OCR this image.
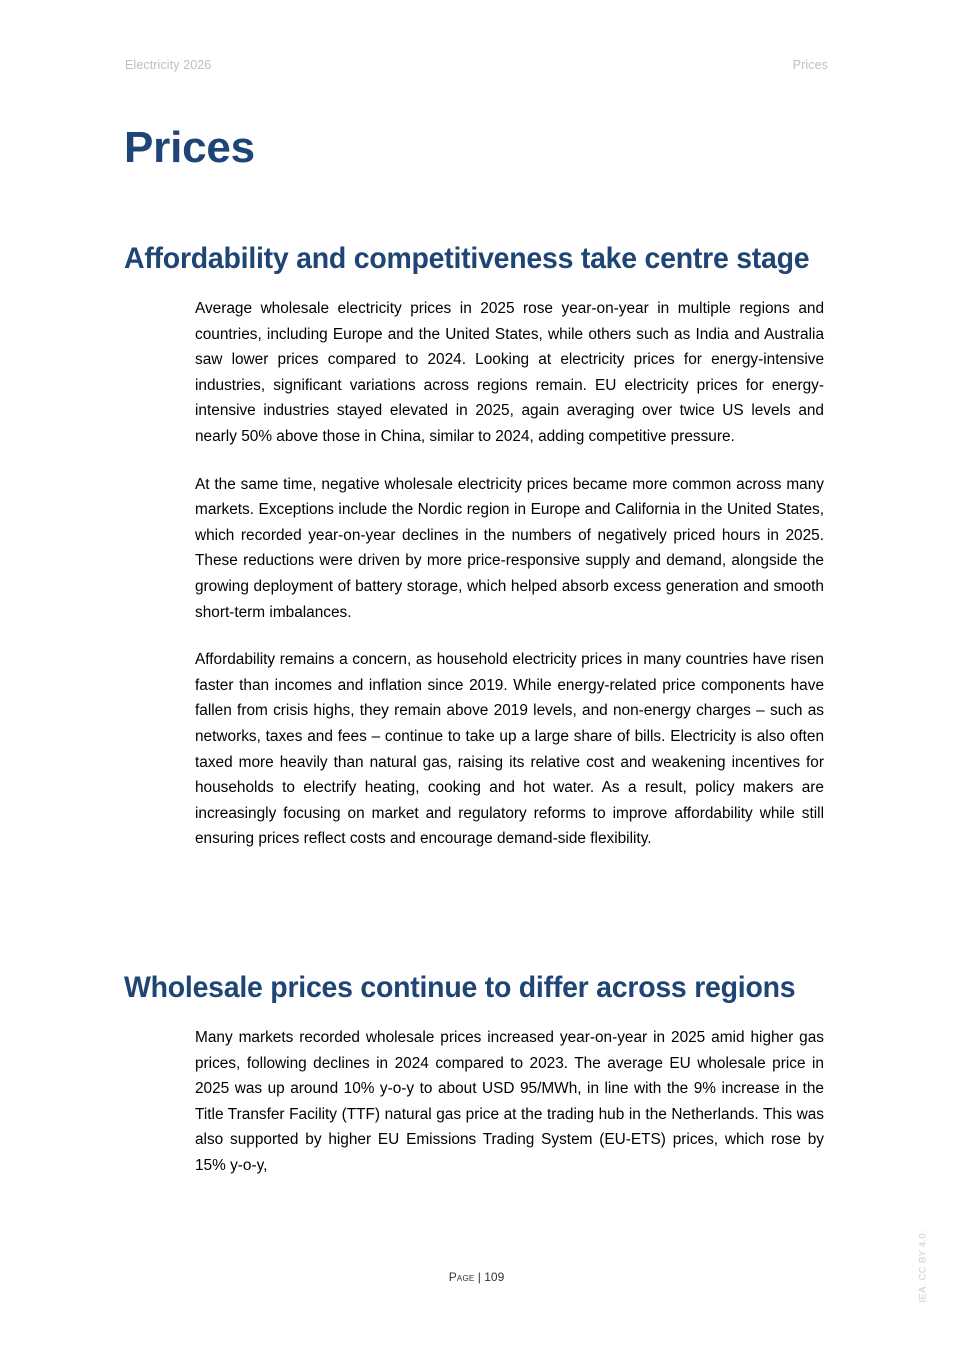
Electricity 2026	Prices
Prices
Affordability and competitiveness take centre stage

Average wholesale electricity prices in 2025 rose year-on-year in multiple regions and countries, including Europe and the United States, while others such as India and Australia saw lower prices compared to 2024. Looking at electricity prices for energy-intensive industries, significant variations across regions remain. EU electricity prices for energy-intensive industries stayed elevated in 2025, again averaging over twice US levels and nearly 50% above those in China, similar to 2024, adding competitive pressure.

At the same time, negative wholesale electricity prices became more common across many markets. Exceptions include the Nordic region in Europe and California in the United States, which recorded year-on-year declines in the numbers of negatively priced hours in 2025. These reductions were driven by more price-responsive supply and demand, alongside the growing deployment of battery storage, which helped absorb excess generation and smooth short-term imbalances.

Affordability remains a concern, as household electricity prices in many countries have risen faster than incomes and inflation since 2019. While energy-related price components have fallen from crisis highs, they remain above 2019 levels, and non-energy charges – such as networks, taxes and fees – continue to take up a large share of bills. Electricity is also often taxed more heavily than natural gas, raising its relative cost and weakening incentives for households to electrify heating, cooking and hot water. As a result, policy makers are increasingly focusing on market and regulatory reforms to improve affordability while still ensuring prices reflect costs and encourage demand-side flexibility.

Wholesale prices continue to differ across regions

Many markets recorded wholesale prices increased year-on-year in 2025 amid higher gas prices, following declines in 2024 compared to 2023. The average EU wholesale price in 2025 was up around 10% y-o-y to about USD 95/MWh, in line with the 9% increase in the Title Transfer Facility (TTF) natural gas price at the trading hub in the Netherlands. This was also supported by higher EU Emissions Trading System (EU-ETS) prices, which rose by 15% y-o-y,

Page | 109	IEA. CC BY 4.0.
